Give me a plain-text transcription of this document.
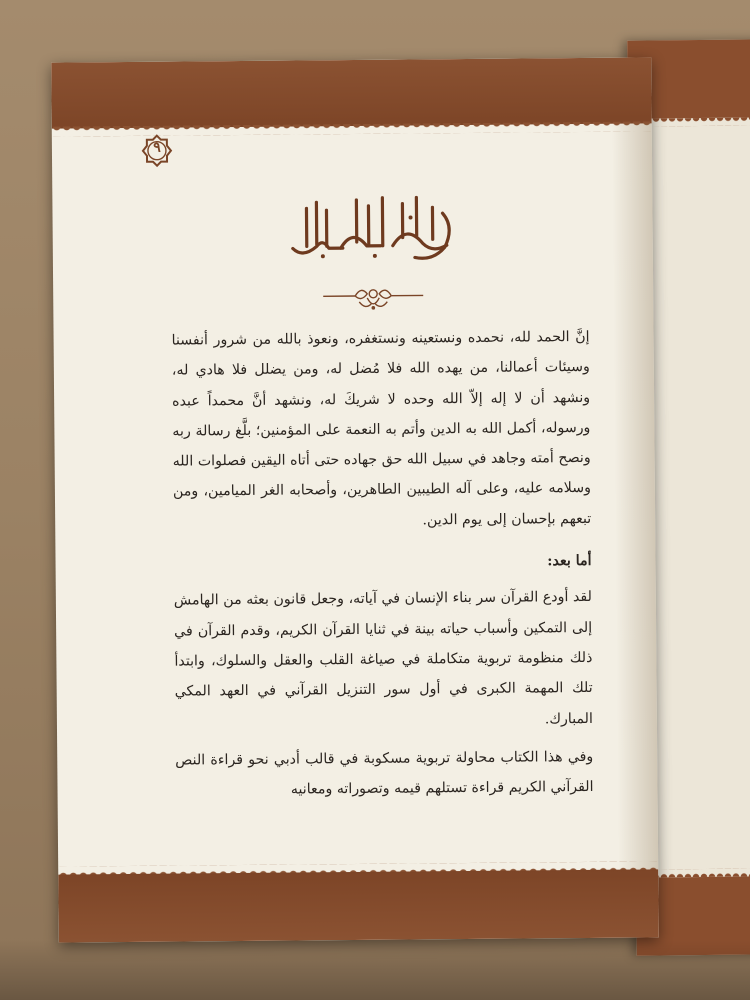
٩

إنَّ الحمد لله، نحمده ونستعينه ونستغفره، ونعوذ بالله من شرور أنفسنا وسيئات أعمالنا، من يهده الله فلا مُضل له، ومن يضلل فلا هادي له، ونشهد أن لا إله إلاّ الله وحده لا شريكَ له، ونشهد أنَّ محمداً عبده ورسوله، أكمل الله به الدين وأتم به النعمة على المؤمنين؛ بلَّغ رسالة ربه ونصح أمته وجاهد في سبيل الله حق جهاده حتى أتاه اليقين فصلوات الله وسلامه عليه، وعلى آله الطيبين الطاهرين، وأصحابه الغر الميامين، ومن تبعهم بإحسان إلى يوم الدين.

أما بعد:

لقد أودع القرآن سر بناء الإنسان في آياته، وجعل قانون بعثه من الهامش إلى التمكين وأسباب حياته بينة في ثنايا القرآن الكريم، وقدم القرآن في ذلك منظومة تربوية متكاملة في صياغة القلب والعقل والسلوك، وابتدأ تلك المهمة الكبرى في أول سور التنزيل القرآني في العهد المكي المبارك.

وفي هذا الكتاب محاولة تربوية مسكوبة في قالب أدبي نحو قراءة النص القرآني الكريم قراءة تستلهم قيمه وتصوراته ومعانيه
